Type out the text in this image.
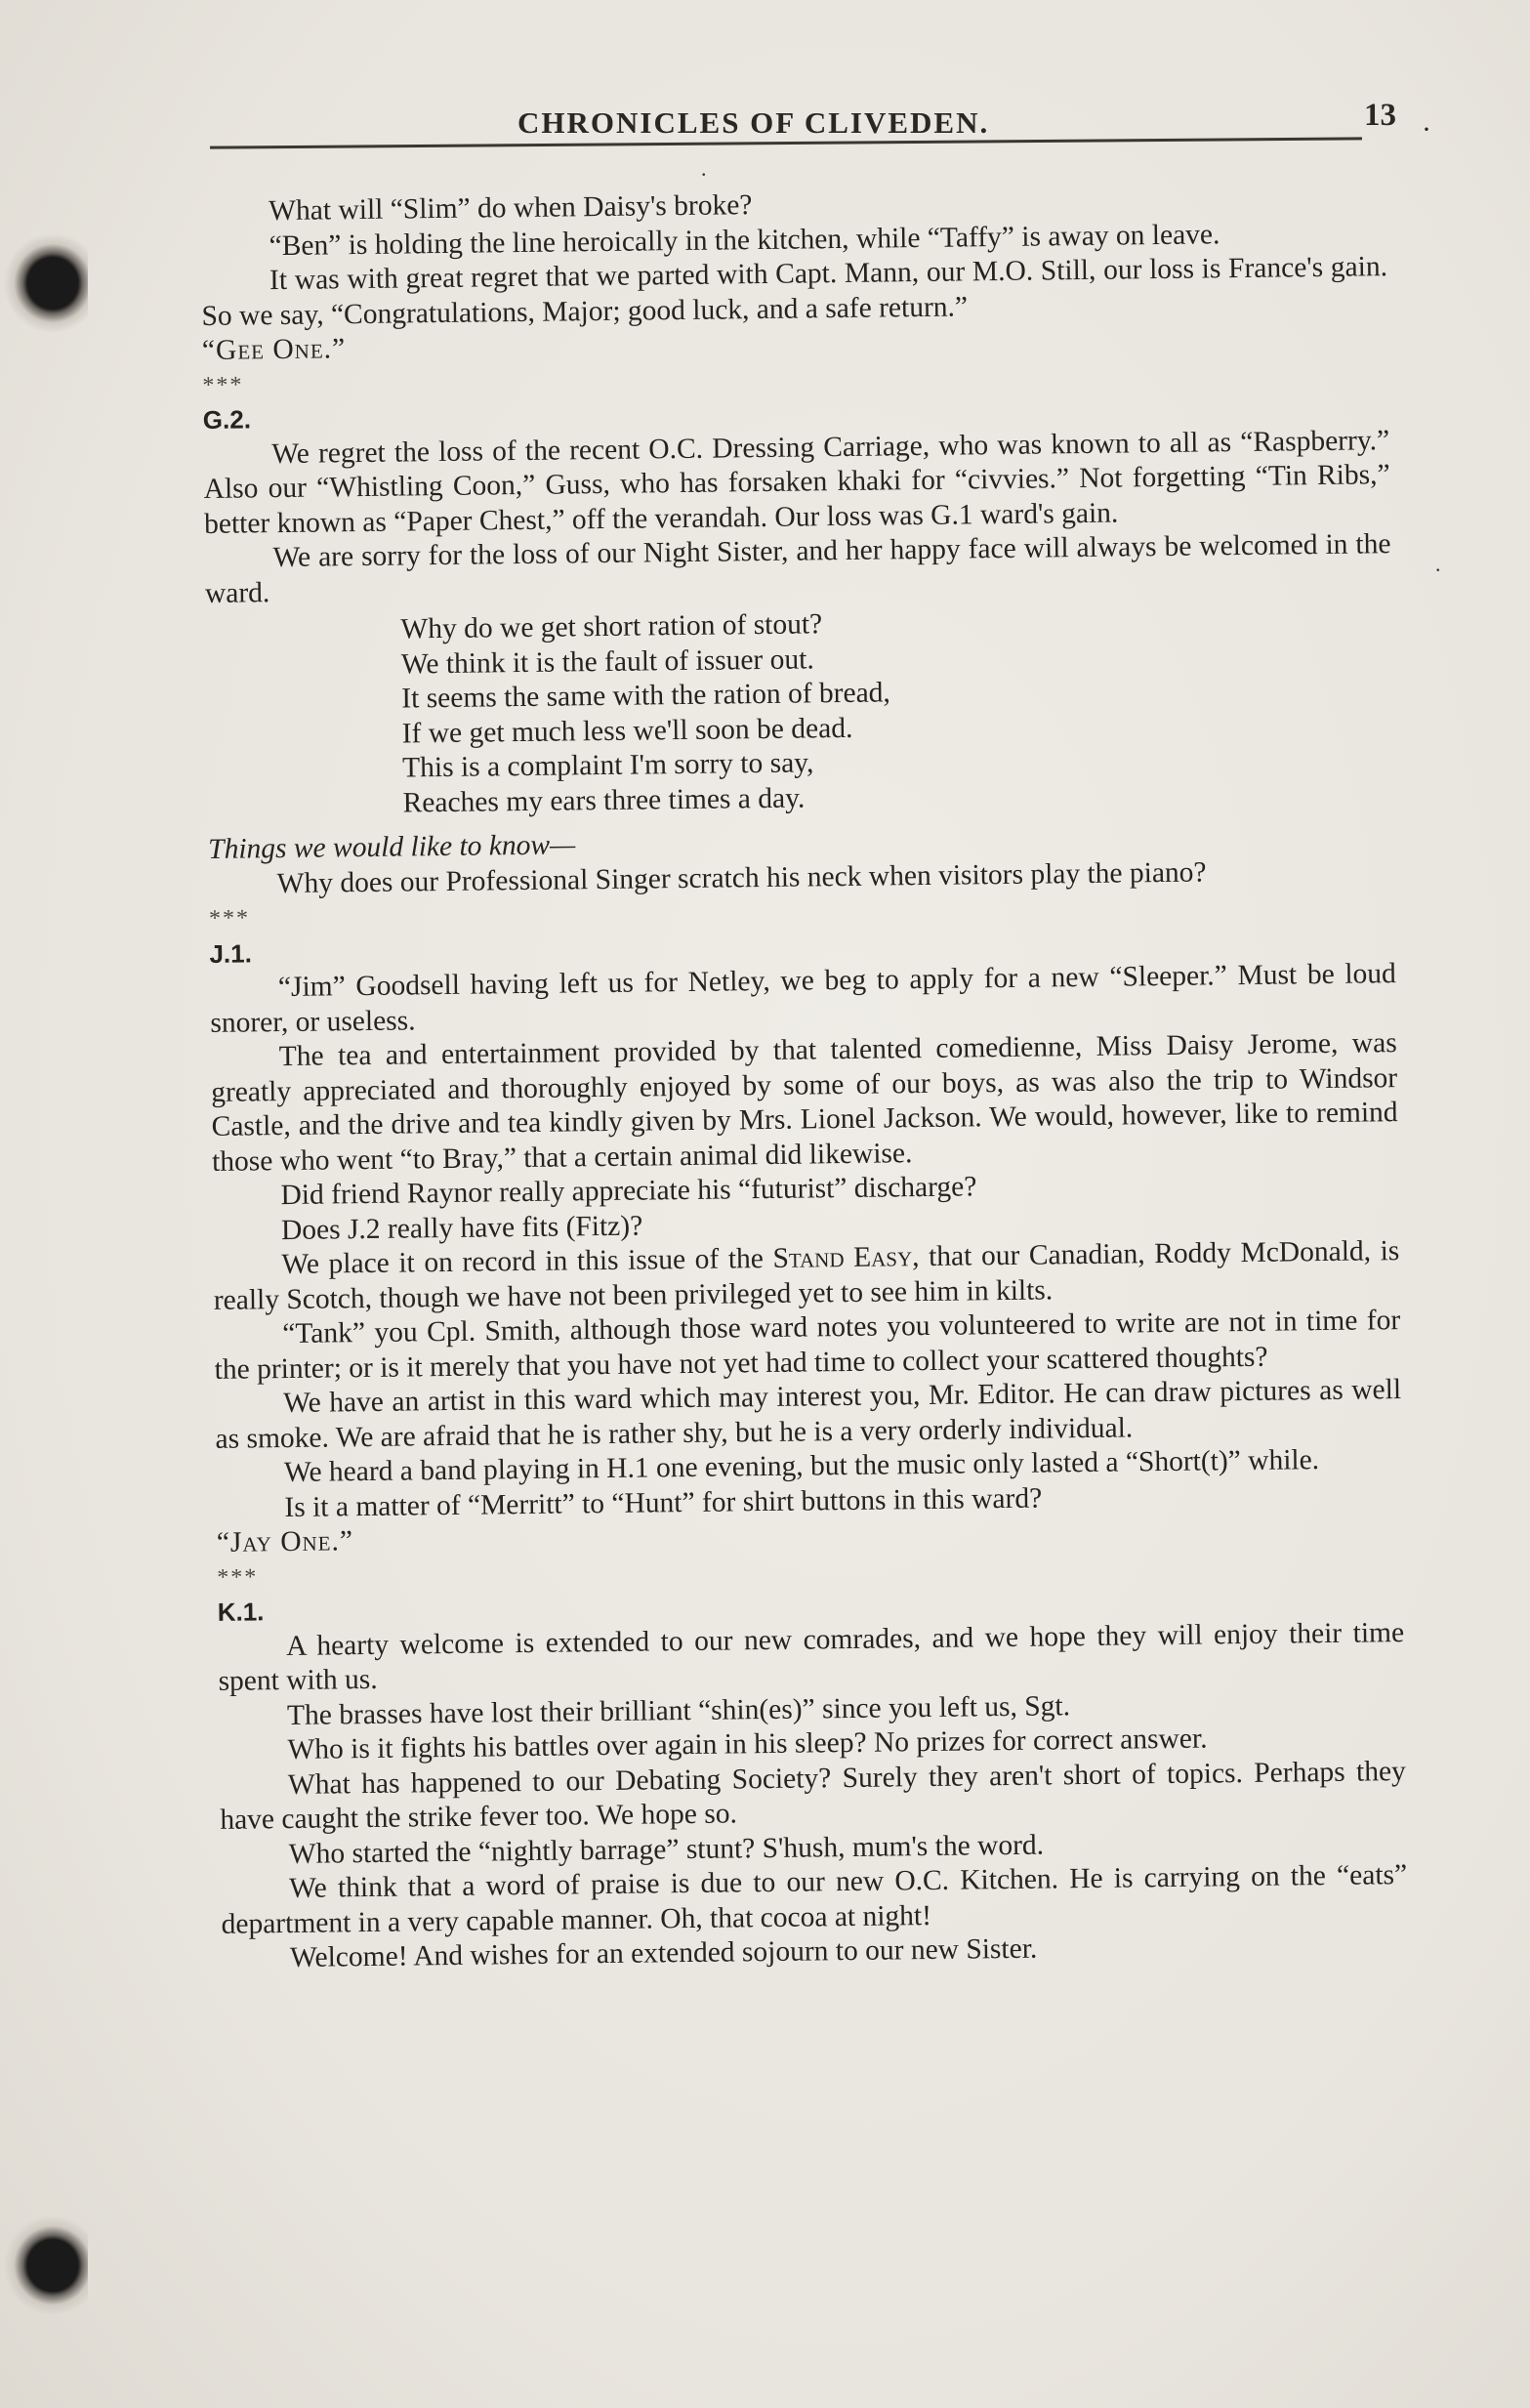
CHRONICLES OF CLIVEDEN.	13 ·

What will “Slim” do when Daisy's broke?

“Ben” is holding the line heroically in the kitchen, while “Taffy” is away on leave.

It was with great regret that we parted with Capt. Mann, our M.O. Still, our loss is France's gain. So we say, “Congratulations, Major; good luck, and a safe return.”

“Gee One.”

***

G.2.

We regret the loss of the recent O.C. Dressing Carriage, who was known to all as “Raspberry.” Also our “Whistling Coon,” Guss, who has forsaken khaki for “civvies.” Not forgetting “Tin Ribs,” better known as “Paper Chest,” off the verandah. Our loss was G.1 ward's gain.

We are sorry for the loss of our Night Sister, and her happy face will always be welcomed in the ward.

Why do we get short ration of stout?
We think it is the fault of issuer out.
It seems the same with the ration of bread,
If we get much less we'll soon be dead.
This is a complaint I'm sorry to say,
Reaches my ears three times a day.

Things we would like to know—

Why does our Professional Singer scratch his neck when visitors play the piano?

***

J.1.

“Jim” Goodsell having left us for Netley, we beg to apply for a new “Sleeper.” Must be loud snorer, or useless.

The tea and entertainment provided by that talented comedienne, Miss Daisy Jerome, was greatly appreciated and thoroughly enjoyed by some of our boys, as was also the trip to Windsor Castle, and the drive and tea kindly given by Mrs. Lionel Jackson. We would, however, like to remind those who went “to Bray,” that a certain animal did likewise.

Did friend Raynor really appreciate his “futurist” discharge?

Does J.2 really have fits (Fitz)?

We place it on record in this issue of the Stand Easy, that our Canadian, Roddy McDonald, is really Scotch, though we have not been privileged yet to see him in kilts.

“Tank” you Cpl. Smith, although those ward notes you volunteered to write are not in time for the printer; or is it merely that you have not yet had time to collect your scattered thoughts?

We have an artist in this ward which may interest you, Mr. Editor. He can draw pictures as well as smoke. We are afraid that he is rather shy, but he is a very orderly individual.

We heard a band playing in H.1 one evening, but the music only lasted a “Short(t)” while.

Is it a matter of “Merritt” to “Hunt” for shirt buttons in this ward?

“Jay One.”

***

K.1.

A hearty welcome is extended to our new comrades, and we hope they will enjoy their time spent with us.

The brasses have lost their brilliant “shin(es)” since you left us, Sgt.

Who is it fights his battles over again in his sleep? No prizes for correct answer.

What has happened to our Debating Society? Surely they aren't short of topics. Perhaps they have caught the strike fever too. We hope so.

Who started the “nightly barrage” stunt? S'hush, mum's the word.

We think that a word of praise is due to our new O.C. Kitchen. He is carrying on the “eats” department in a very capable manner. Oh, that cocoa at night!

Welcome! And wishes for an extended sojourn to our new Sister.

.
.
